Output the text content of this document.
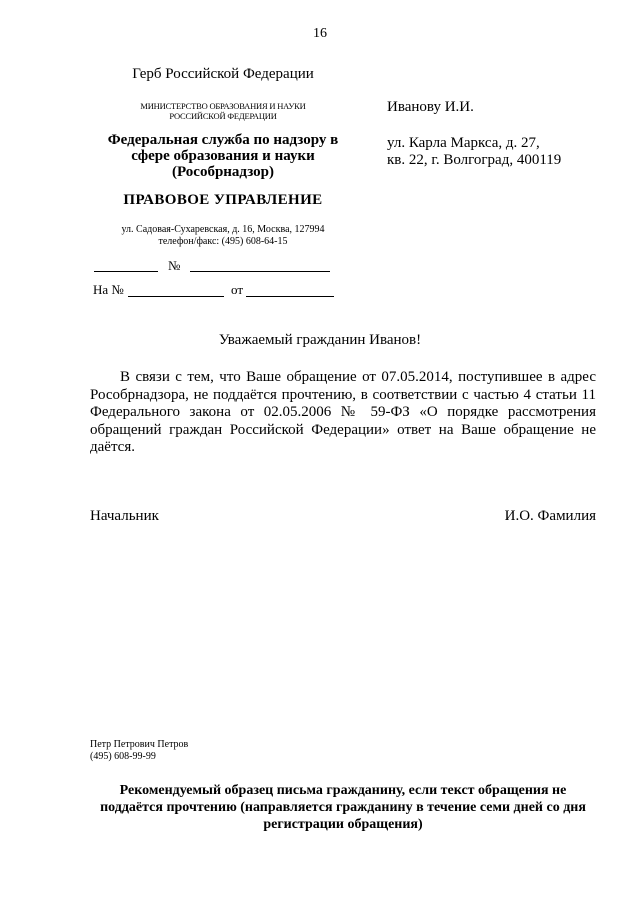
16
Герб Российской Федерации
МИНИСТЕРСТВО ОБРАЗОВАНИЯ И НАУКИ
РОССИЙСКОЙ ФЕДЕРАЦИИ
Федеральная служба по надзору в
сфере образования и науки
(Рособрнадзор)
ПРАВОВОЕ УПРАВЛЕНИЕ
ул. Садовая-Сухаревская, д. 16, Москва, 127994
телефон/факс: (495) 608-64-15
№
На №	от
Иванову И.И.
ул. Карла Маркса, д. 27,
кв. 22, г. Волгоград, 400119
Уважаемый гражданин Иванов!
В связи с тем, что Ваше обращение от 07.05.2014, поступившее в адрес Рособрнадзора, не поддаётся прочтению, в соответствии с частью 4 статьи 11 Федерального закона от 02.05.2006 № 59-ФЗ «О порядке рассмотрения обращений граждан Российской Федерации» ответ на Ваше обращение не даётся.
Начальник	И.О. Фамилия
Петр Петрович Петров
(495) 608-99-99
Рекомендуемый образец письма гражданину, если текст обращения не поддаётся прочтению (направляется гражданину в течение семи дней со дня регистрации обращения)
